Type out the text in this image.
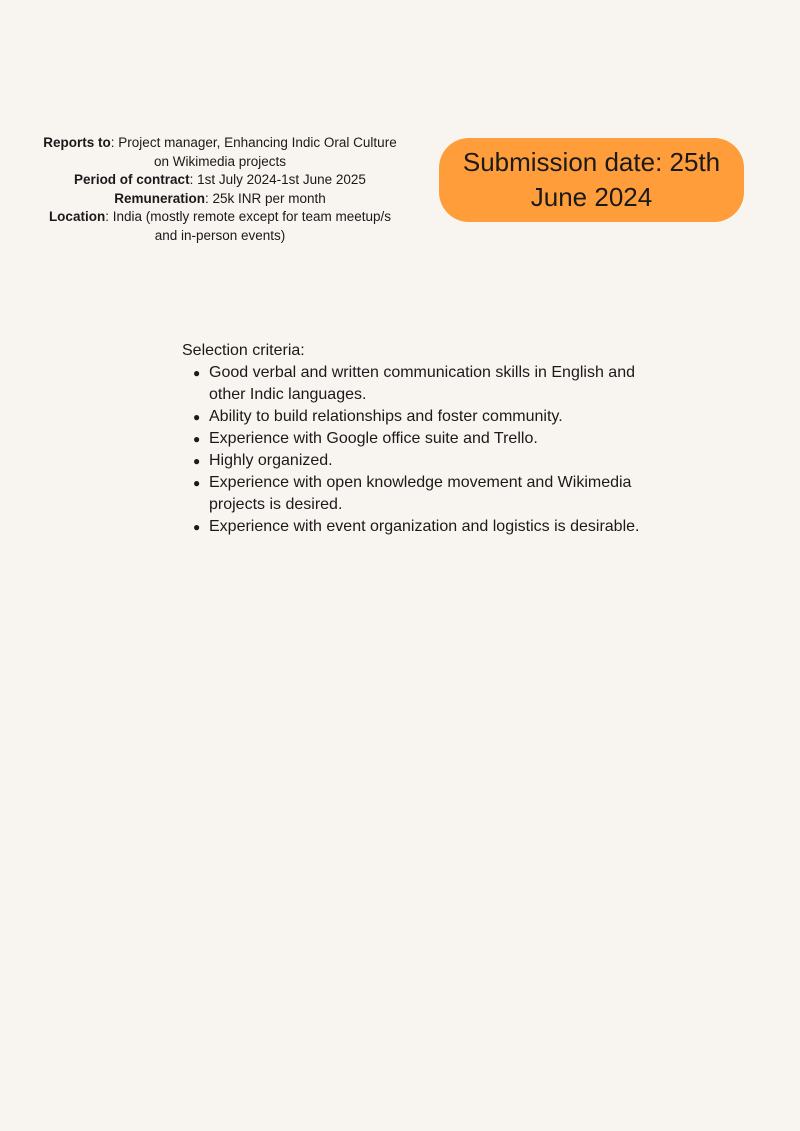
Reports to: Project manager, Enhancing Indic Oral Culture
on Wikimedia projects
Period of contract: 1st July 2024-1st June 2025
Remuneration: 25k INR per month
Location: India (mostly remote except for team meetup/s
and in-person events)
Submission date: 25th June 2024
Selection criteria:
● Good verbal and written communication skills in English and other Indic languages.
● Ability to build relationships and foster community.
● Experience with Google office suite and Trello.
● Highly organized.
● Experience with open knowledge movement and Wikimedia projects is desired.
● Experience with event organization and logistics is desirable.
